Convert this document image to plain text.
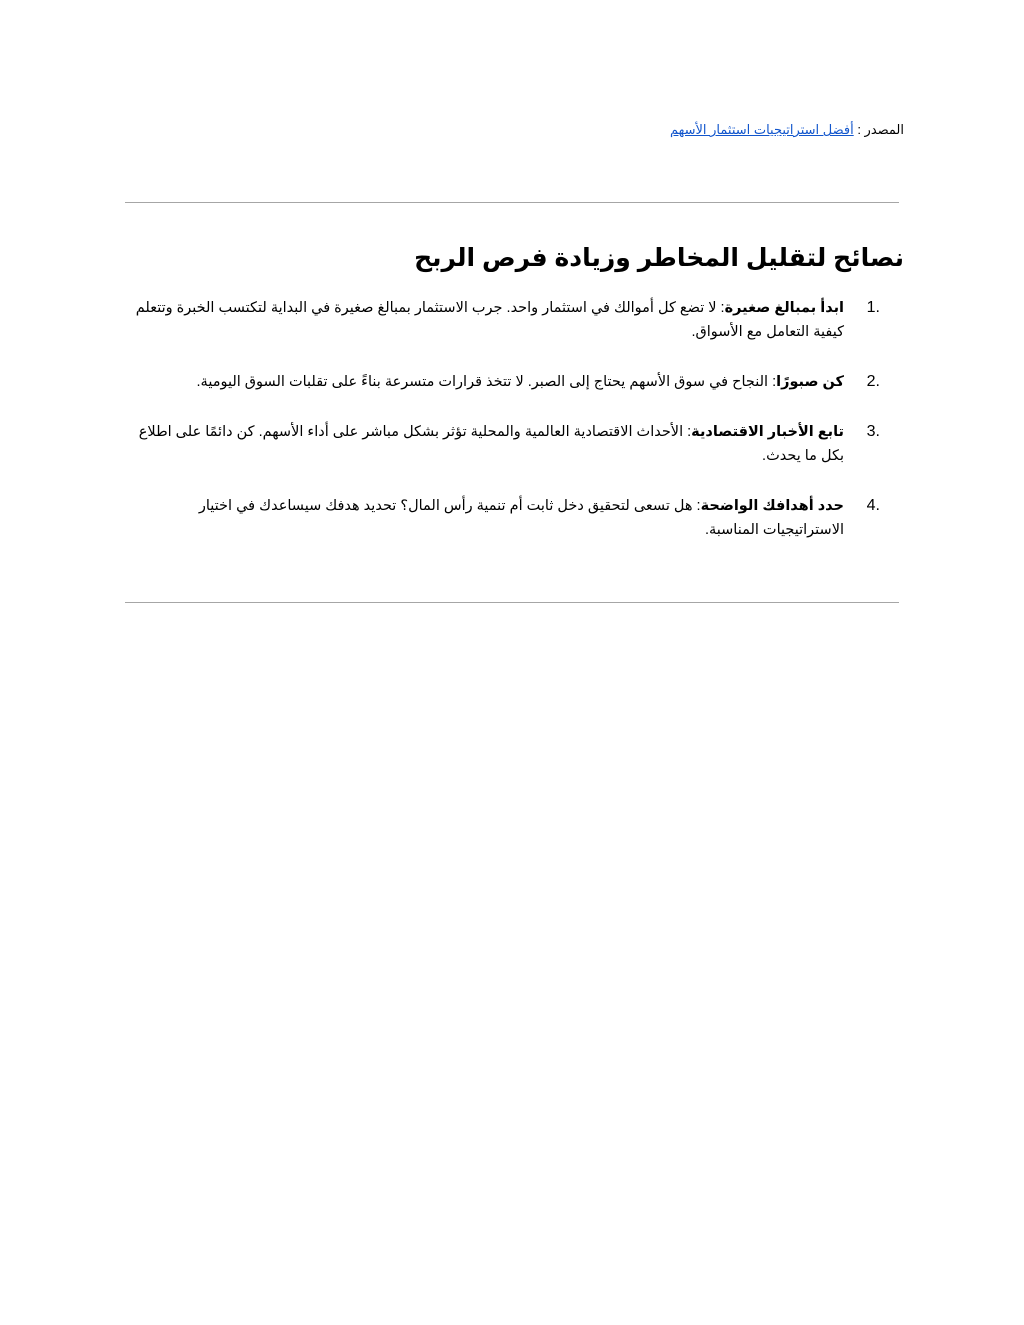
المصدر : أفضل استراتيجيات استثمار الأسهم
نصائح لتقليل المخاطر وزيادة فرص الربح
1.
ابدأ بمبالغ صغيرة: لا تضع كل أموالك في استثمار واحد. جرب الاستثمار بمبالغ صغيرة في البداية لتكتسب الخبرة وتتعلم كيفية التعامل مع الأسواق.
2.
كن صبورًا: النجاح في سوق الأسهم يحتاج إلى الصبر. لا تتخذ قرارات متسرعة بناءً على تقلبات السوق اليومية.
3.
تابع الأخبار الاقتصادية: الأحداث الاقتصادية العالمية والمحلية تؤثر بشكل مباشر على أداء الأسهم. كن دائمًا على اطلاع بكل ما يحدث.
4.
حدد أهدافك الواضحة: هل تسعى لتحقيق دخل ثابت أم تنمية رأس المال؟ تحديد هدفك سيساعدك في اختيار الاستراتيجيات المناسبة.
